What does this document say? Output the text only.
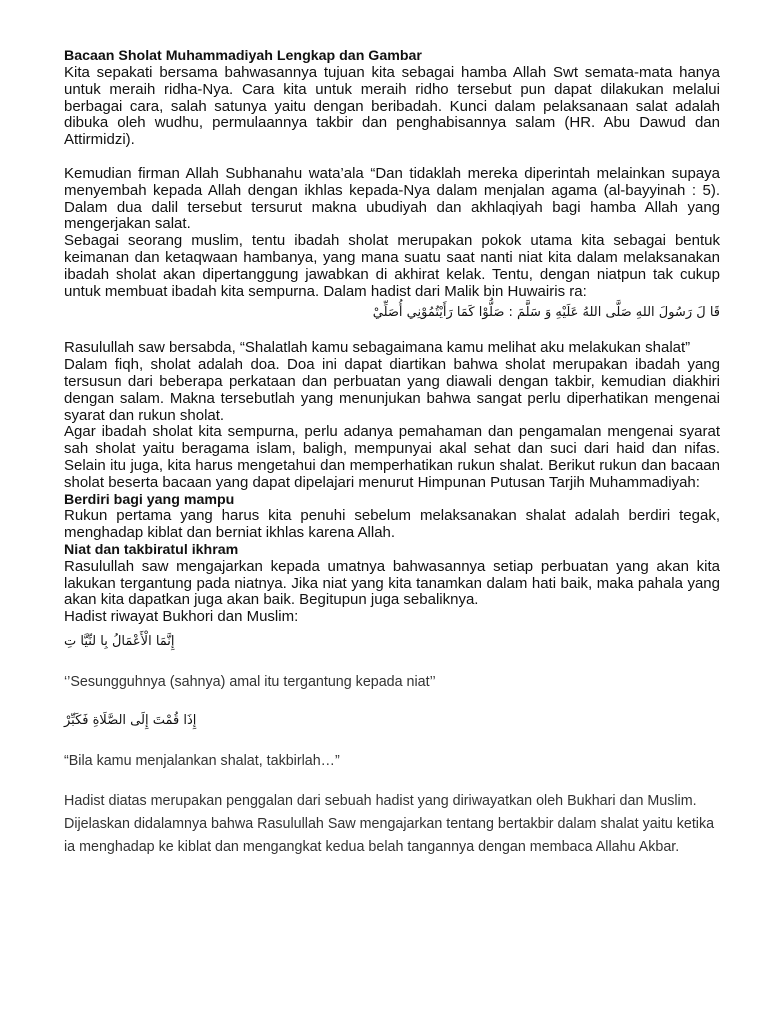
Bacaan Sholat Muhammadiyah Lengkap dan Gambar

Kita sepakati bersama bahwasannya tujuan kita sebagai hamba Allah Swt semata-mata hanya untuk meraih ridha-Nya. Cara kita untuk meraih ridho tersebut pun dapat dilakukan melalui berbagai cara, salah satunya yaitu dengan beribadah. Kunci dalam pelaksanaan salat adalah dibuka oleh wudhu, permulaannya takbir dan penghabisannya salam (HR. Abu Dawud dan Attirmidzi).

Kemudian firman Allah Subhanahu wata’ala “Dan tidaklah mereka diperintah melainkan supaya menyembah kepada Allah dengan ikhlas kepada-Nya dalam menjalan agama (al-bayyinah : 5). Dalam dua dalil tersebut tersurut makna ubudiyah dan akhlaqiyah bagi hamba Allah yang mengerjakan salat.

Sebagai seorang muslim, tentu ibadah sholat merupakan pokok utama kita sebagai bentuk keimanan dan ketaqwaan hambanya, yang mana suatu saat nanti niat kita dalam melaksanakan ibadah sholat akan dipertanggung jawabkan di akhirat kelak. Tentu, dengan niatpun tak cukup untuk membuat ibadah kita sempurna. Dalam hadist dari Malik bin Huwairis ra:

قَا لَ رَسُولَ اللهِ صَلَّى اللهُ عَلَيْهِ وَ سَلَّمَ : صَلُّوْا كَمَا رَأَيْتُمُوْنِي أُصَلِّيْ

Rasulullah saw bersabda, “Shalatlah kamu sebagaimana kamu melihat aku melakukan shalat”

Dalam fiqh, sholat adalah doa. Doa ini dapat diartikan bahwa sholat merupakan ibadah yang tersusun dari beberapa perkataan dan perbuatan yang diawali dengan takbir, kemudian diakhiri dengan salam. Makna tersebutlah yang menunjukan bahwa sangat perlu diperhatikan mengenai syarat dan rukun sholat.

Agar ibadah sholat kita sempurna, perlu adanya pemahaman dan pengamalan mengenai syarat sah sholat yaitu beragama islam, baligh, mempunyai akal sehat dan suci dari haid dan nifas. Selain itu juga, kita harus mengetahui dan memperhatikan rukun shalat. Berikut rukun dan bacaan sholat beserta bacaan yang dapat dipelajari menurut Himpunan Putusan Tarjih Muhammadiyah:

Berdiri bagi yang mampu

Rukun pertama yang harus kita penuhi sebelum melaksanakan shalat adalah berdiri tegak, menghadap kiblat dan berniat ikhlas karena Allah.

Niat dan takbiratul ikhram

Rasulullah saw mengajarkan kepada umatnya bahwasannya setiap perbuatan yang akan kita lakukan tergantung pada niatnya. Jika niat yang kita tanamkan dalam hati baik, maka pahala yang akan kita dapatkan juga akan baik. Begitupun juga sebaliknya.

Hadist riwayat Bukhori dan Muslim:

إِنَّمَا الْأَعْمَالُ بِا لنِّيَّا تِ

‘’Sesungguhnya (sahnya) amal itu tergantung kepada niat’’

إِذَا قُمْتَ إِلَى الصَّلَاةِ فَكَبِّرْ

“Bila kamu menjalankan shalat, takbirlah…”

Hadist diatas merupakan penggalan dari sebuah hadist yang diriwayatkan oleh Bukhari dan Muslim. Dijelaskan didalamnya bahwa Rasulullah Saw mengajarkan tentang bertakbir dalam shalat yaitu ketika ia menghadap ke kiblat dan mengangkat kedua belah tangannya dengan membaca Allahu Akbar.
